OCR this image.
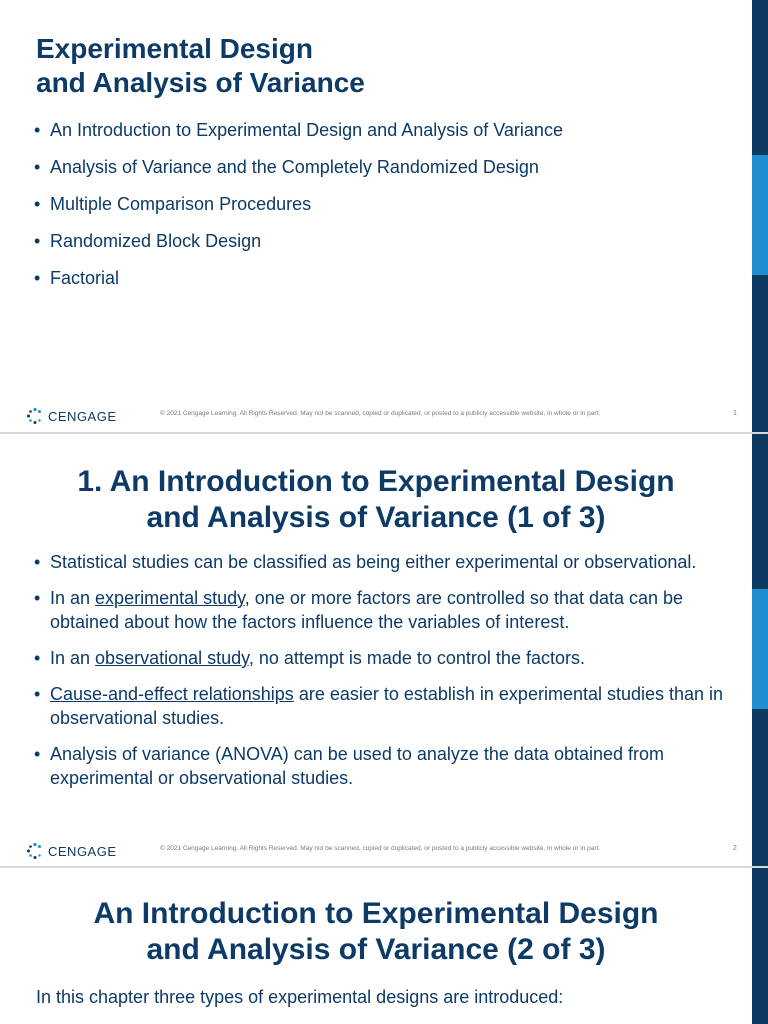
Experimental Design
and Analysis of Variance
• An Introduction to Experimental Design and Analysis of Variance
• Analysis of Variance and the Completely Randomized Design
• Multiple Comparison Procedures
• Randomized Block Design
• Factorial
CENGAGE	© 2021 Cengage Learning. All Rights Reserved. May not be scanned, copied or duplicated, or posted to a publicly accessible website, in whole or in part.	1
1. An Introduction to Experimental Design
and Analysis of Variance (1 of 3)
• Statistical studies can be classified as being either experimental or observational.
• In an experimental study, one or more factors are controlled so that data can be obtained about how the factors influence the variables of interest.
• In an observational study, no attempt is made to control the factors.
• Cause-and-effect relationships are easier to establish in experimental studies than in observational studies.
• Analysis of variance (ANOVA) can be used to analyze the data obtained from experimental or observational studies.
CENGAGE	© 2021 Cengage Learning. All Rights Reserved. May not be scanned, copied or duplicated, or posted to a publicly accessible website, in whole or in part.	2
An Introduction to Experimental Design
and Analysis of Variance (2 of 3)

In this chapter three types of experimental designs are introduced:
